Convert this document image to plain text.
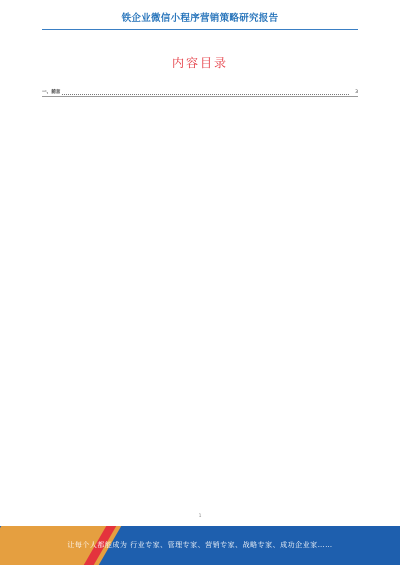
铁企业微信小程序营销策略研究报告
内容目录
一、前言	3
1
让每个人都能成为 行业专家、管理专家、营销专家、战略专家、成功企业家……
